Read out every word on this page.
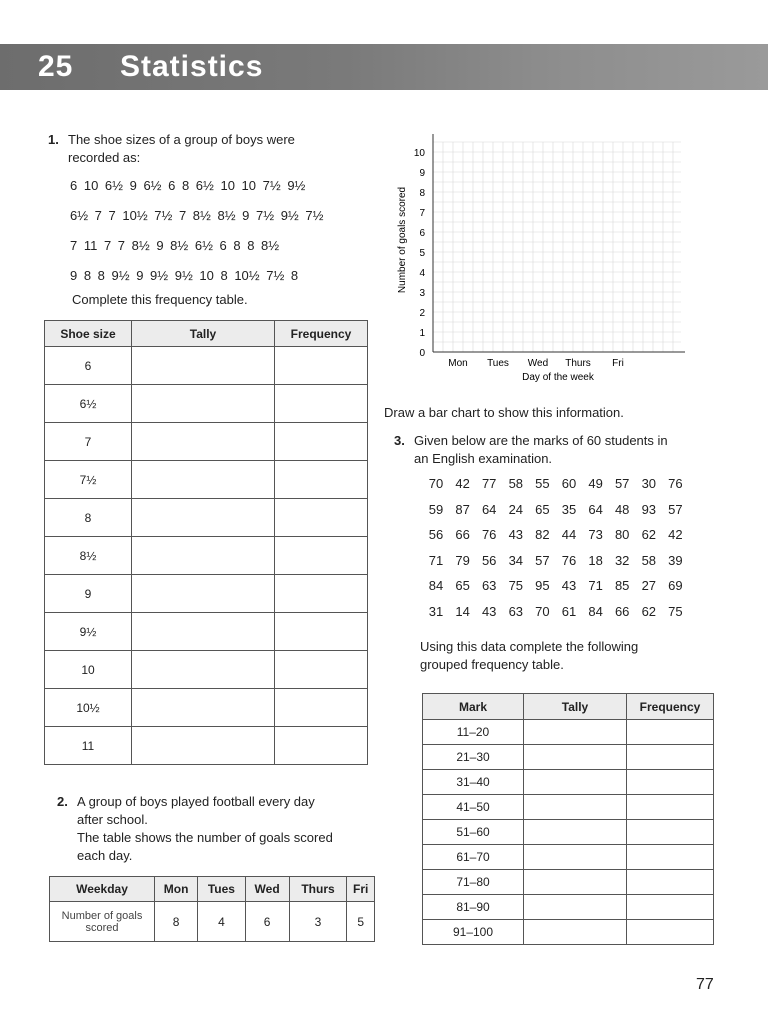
25 Statistics
1. The shoe sizes of a group of boys were
recorded as:
6 10 6½ 9 6½ 6 8 6½ 10 10 7½ 9½
6½ 7 7 10½ 7½ 7 8½ 8½ 9 7½ 9½ 7½
7 11 7 7 8½ 9 8½ 6½ 6 8 8 8½
9 8 8 9½ 9 9½ 9½ 10 8 10½ 7½ 8
Complete this frequency table.
Shoe size	Tally	Frequency
6		
6½		
7		
7½		
8		
8½		
9		
9½		
10		
10½		
11		
2. A group of boys played football every day
after school.
The table shows the number of goals scored
each day.
Weekday	Mon	Tues	Wed	Thurs	Fri
Number of goals scored	8	4	6	3	5
0
1
2
3
4
5
6
7
8
9
10
Mon Tues Wed Thurs Fri
Number of goals scored
Day of the week
Draw a bar chart to show this information.
3. Given below are the marks of 60 students in
an English examination.
70 42 77 58 55 60 49 57 30 76
59 87 64 24 65 35 64 48 93 57
56 66 76 43 82 44 73 80 62 42
71 79 56 34 57 76 18 32 58 39
84 65 63 75 95 43 71 85 27 69
31 14 43 63 70 61 84 66 62 75
Using this data complete the following
grouped frequency table.
Mark	Tally	Frequency
11–20		
21–30		
31–40		
41–50		
51–60		
61–70		
71–80		
81–90		
91–100		
77
